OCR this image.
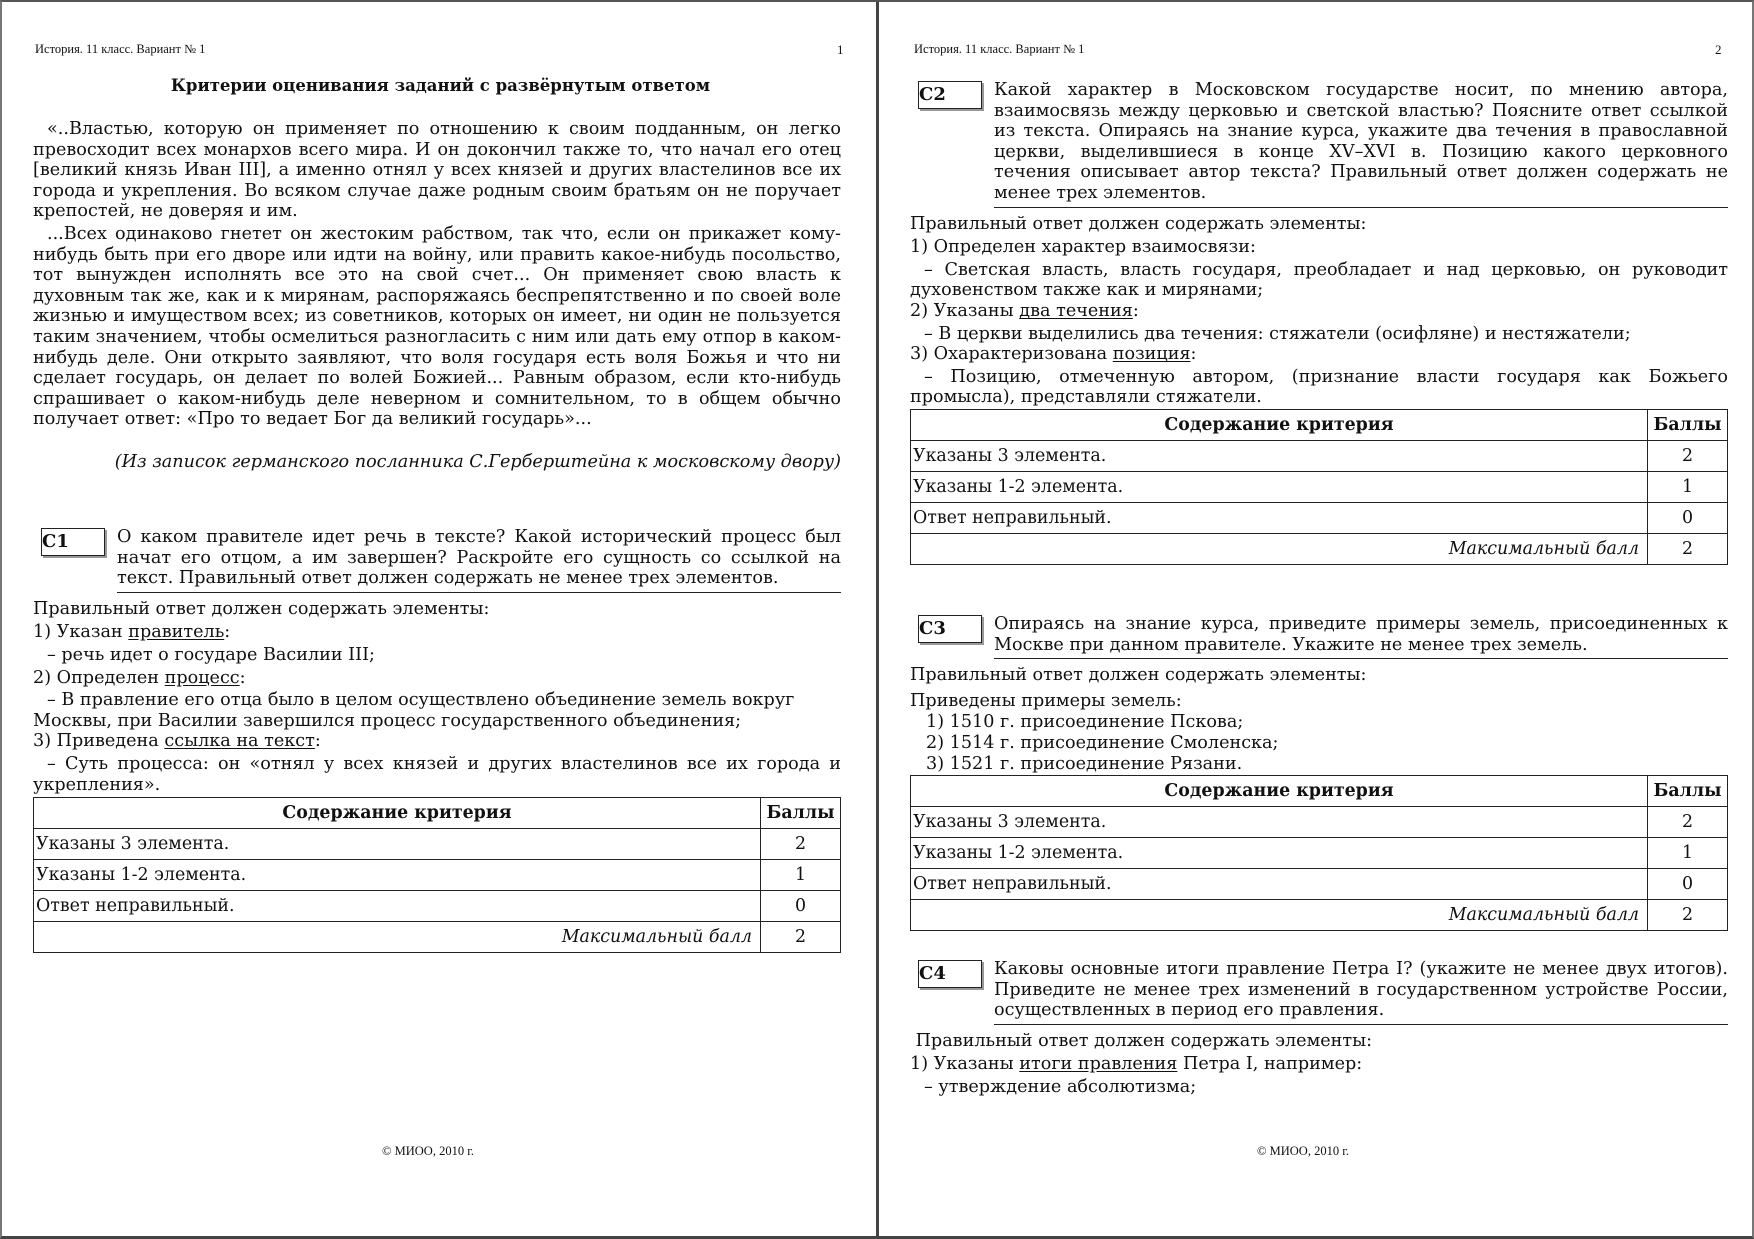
История. 11 класс. Вариант № 1	1
Критерии оценивания заданий с развёрнутым ответом

«..Властью, которую он применяет по отношению к своим подданным, он легко превосходит всех монархов всего мира. И он докончил также то, что начал его отец [великий князь Иван III], а именно отнял у всех князей и других властелинов все их города и укрепления. Во всяком случае даже родным своим братьям он не поручает крепостей, не доверяя и им.

...Всех одинаково гнетет он жестоким рабством, так что, если он прикажет кому-нибудь быть при его дворе или идти на войну, или править какое-нибудь посольство, тот вынужден исполнять все это на свой счет... Он применяет свою власть к духовным так же, как и к мирянам, распоряжаясь беспрепятственно и по своей воле жизнью и имуществом всех; из советников, которых он имеет, ни один не пользуется таким значением, чтобы осмелиться разногласить с ним или дать ему отпор в каком-нибудь деле. Они открыто заявляют, что воля государя есть воля Божья и что ни сделает государь, он делает по волей Божией... Равным образом, если кто-нибудь спрашивает о каком-нибудь деле неверном и сомнительном, то в общем обычно получает ответ: «Про то ведает Бог да великий государь»...

(Из записок германского посланника С.Герберштейна к московскому двору)
C1	О каком правителе идет речь в тексте? Какой исторический процесс был начат его отцом, а им завершен? Раскройте его сущность со ссылкой на текст. Правильный ответ должен содержать не менее трех элементов.
Правильный ответ должен содержать элементы:
1) Указан правитель:
– речь идет о государе Василии III;
2) Определен процесс:
– В правление его отца было в целом осуществлено объединение земель вокруг Москвы, при Василии завершился процесс государственного объединения;
3) Приведена ссылка на текст:
– Суть процесса: он «отнял у всех князей и других властелинов все их города и укрепления».
Содержание критерия	Баллы
Указаны 3 элемента.	2
Указаны 1-2 элемента.	1
Ответ неправильный.	0
Максимальный балл	2
© МИОО, 2010 г.
История. 11 класс. Вариант № 1	2
C2	Какой характер в Московском государстве носит, по мнению автора, взаимосвязь между церковью и светской властью? Поясните ответ ссылкой из текста. Опираясь на знание курса, укажите два течения в православной церкви, выделившиеся в конце XV–XVI в. Позицию какого церковного течения описывает автор текста? Правильный ответ должен содержать не менее трех элементов.
Правильный ответ должен содержать элементы:
1) Определен характер взаимосвязи:
– Светская власть, власть государя, преобладает и над церковью, он руководит духовенством также как и мирянами;
2) Указаны два течения:
– В церкви выделились два течения: стяжатели (осифляне) и нестяжатели;
3) Охарактеризована позиция:
– Позицию, отмеченную автором, (признание власти государя как Божьего промысла), представляли стяжатели.
Содержание критерия	Баллы
Указаны 3 элемента.	2
Указаны 1-2 элемента.	1
Ответ неправильный.	0
Максимальный балл	2
C3	Опираясь на знание курса, приведите примеры земель, присоединенных к Москве при данном правителе. Укажите не менее трех земель.
Правильный ответ должен содержать элементы:
Приведены примеры земель:
1) 1510 г. присоединение Пскова;
2) 1514 г. присоединение Смоленска;
3) 1521 г. присоединение Рязани.
Содержание критерия	Баллы
Указаны 3 элемента.	2
Указаны 1-2 элемента.	1
Ответ неправильный.	0
Максимальный балл	2
C4	Каковы основные итоги правление Петра I? (укажите не менее двух итогов). Приведите не менее трех изменений в государственном устройстве России, осуществленных в период его правления.
Правильный ответ должен содержать элементы:
1) Указаны итоги правления Петра I, например:
– утверждение абсолютизма;
© МИОО, 2010 г.
